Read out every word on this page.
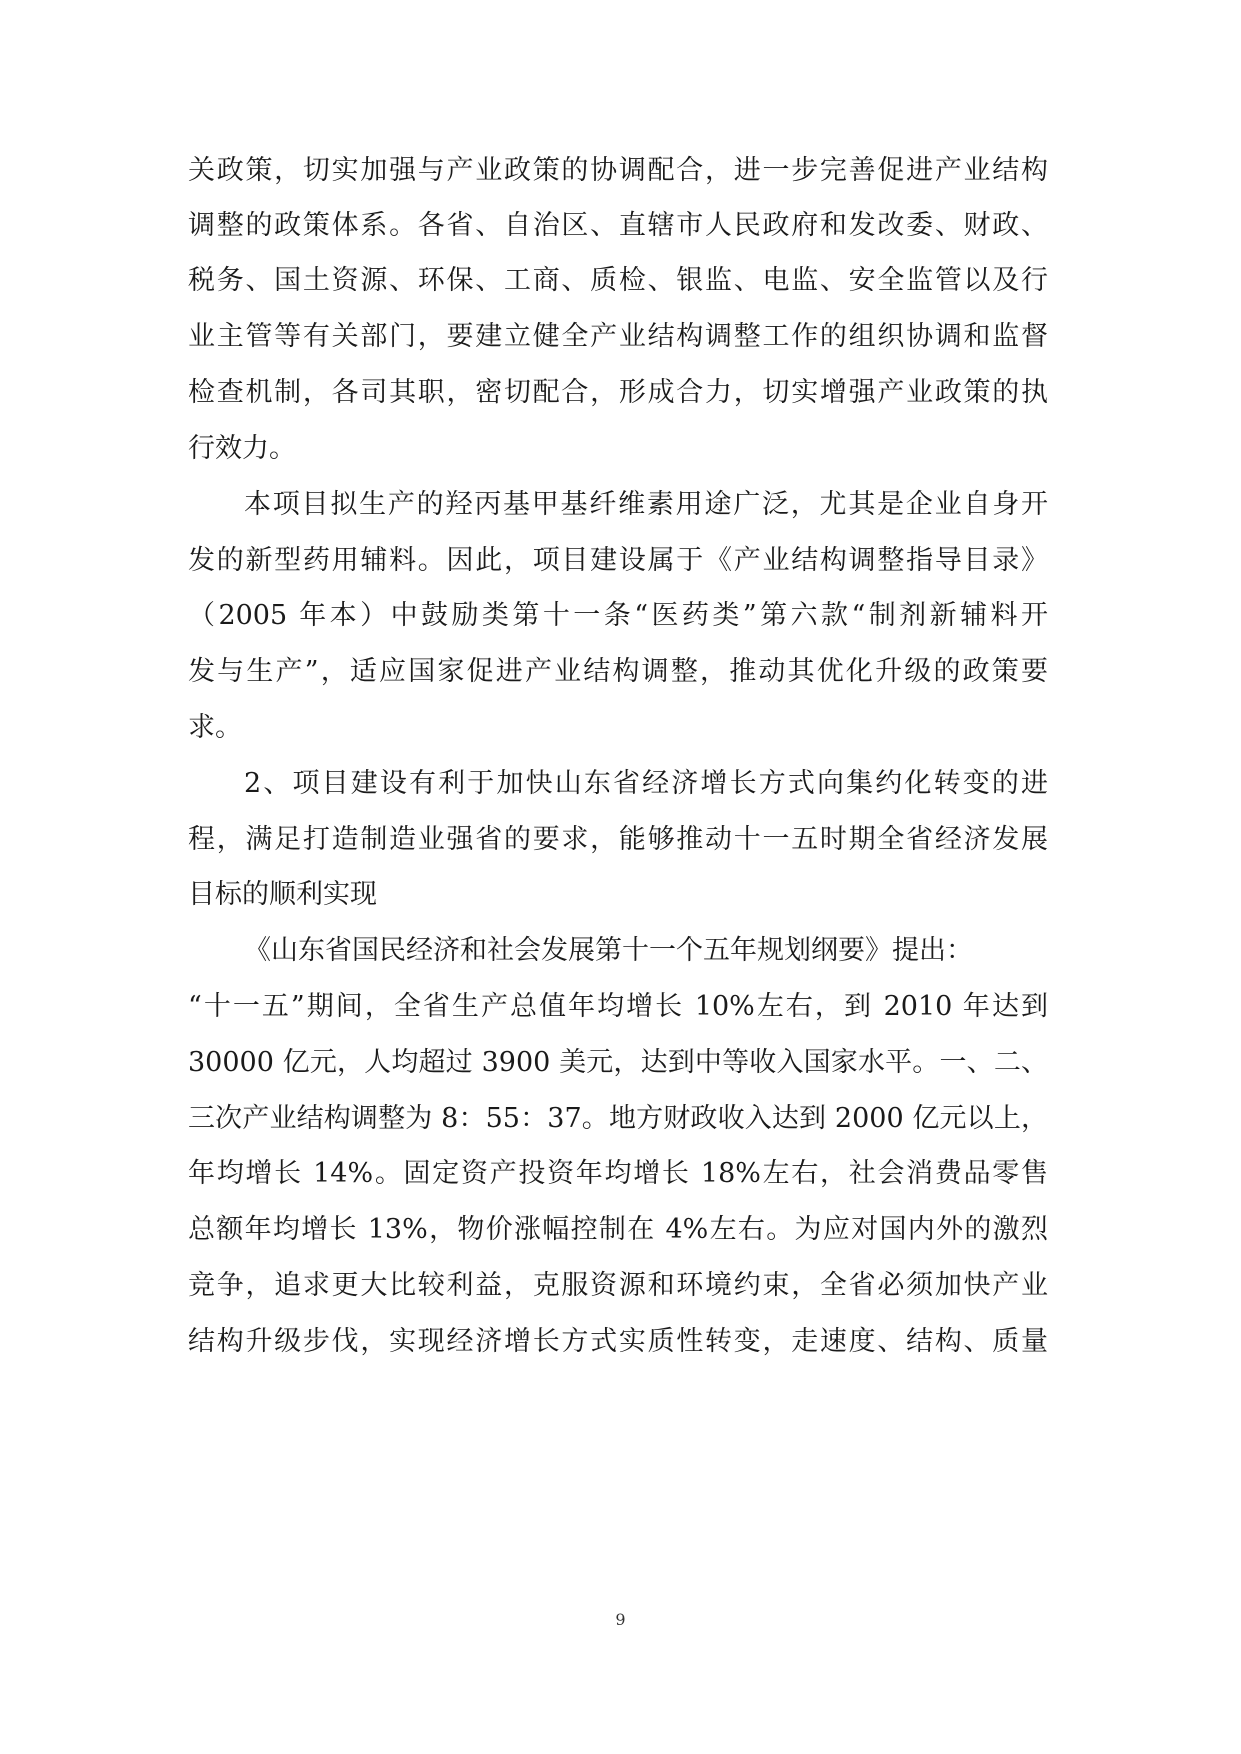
关政策，切实加强与产业政策的协调配合，进一步完善促进产业结构
调整的政策体系。各省、自治区、直辖市人民政府和发改委、财政、
税务、国土资源、环保、工商、质检、银监、电监、安全监管以及行
业主管等有关部门，要建立健全产业结构调整工作的组织协调和监督
检查机制，各司其职，密切配合，形成合力，切实增强产业政策的执
行效力。
本项目拟生产的羟丙基甲基纤维素用途广泛，尤其是企业自身开
发的新型药用辅料。因此，项目建设属于《产业结构调整指导目录》
（2005 年本）中鼓励类第十一条“医药类”第六款“制剂新辅料开
发与生产”，适应国家促进产业结构调整，推动其优化升级的政策要
求。
2、项目建设有利于加快山东省经济增长方式向集约化转变的进
程，满足打造制造业强省的要求，能够推动十一五时期全省经济发展
目标的顺利实现
《山东省国民经济和社会发展第十一个五年规划纲要》提出：
“十一五”期间，全省生产总值年均增长 10%左右，到 2010 年达到
30000 亿元，人均超过 3900 美元，达到中等收入国家水平。一、二、
三次产业结构调整为 8：55：37。地方财政收入达到 2000 亿元以上，
年均增长 14%。固定资产投资年均增长 18%左右，社会消费品零售
总额年均增长 13%，物价涨幅控制在 4%左右。为应对国内外的激烈
竞争，追求更大比较利益，克服资源和环境约束，全省必须加快产业
结构升级步伐，实现经济增长方式实质性转变，走速度、结构、质量
9
